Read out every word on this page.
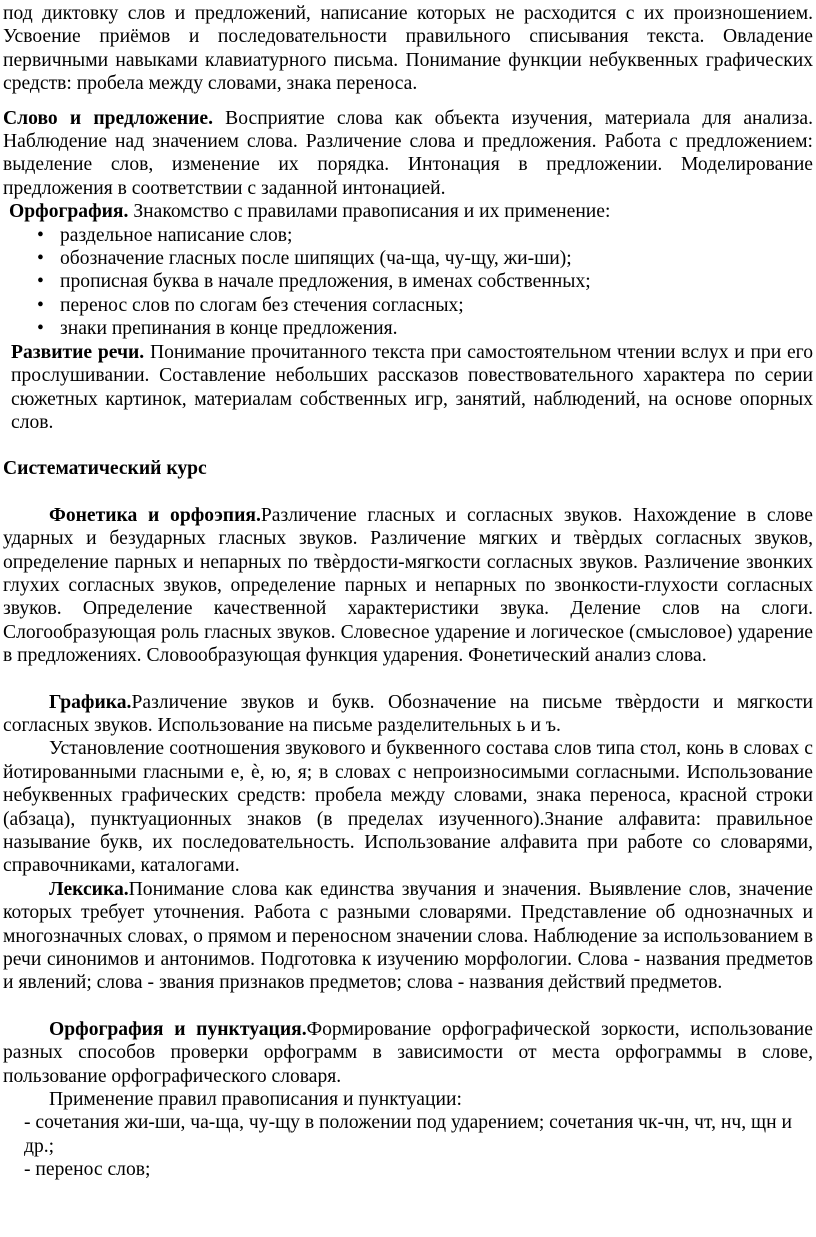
под диктовку слов и предложений, написание которых не расходится с их произношением. Усвоение приёмов и последовательности правильного списывания текста. Овладение первичными навыками клавиатурного письма. Понимание функции небуквенных графических средств: пробела между словами, знака переноса.

Слово и предложение. Восприятие слова как объекта изучения, материала для анализа. Наблюдение над значением слова. Различение слова и предложения. Работа с предложением: выделение слов, изменение их порядка. Интонация в предложении. Моделирование предложения в соответствии с заданной интонацией.

Орфография. Знакомство с правилами правописания и их применение:

• раздельное написание слов;
• обозначение гласных после шипящих (ча-ща, чу-щу, жи-ши);
• прописная буква в начале предложения, в именах собственных;
• перенос слов по слогам без стечения согласных;
• знаки препинания в конце предложения.

Развитие речи. Понимание прочитанного текста при самостоятельном чтении вслух и при его прослушивании. Составление небольших рассказов повествовательного характера по серии сюжетных картинок, материалам собственных игр, занятий, наблюдений, на основе опорных слов.

Систематический курс

Фонетика и орфоэпия.Различение гласных и согласных звуков. Нахождение в слове ударных и безударных гласных звуков. Различение мягких и твѐрдых согласных звуков, определение парных и непарных по твѐрдости-мягкости согласных звуков. Различение звонких глухих согласных звуков, определение парных и непарных по звонкости-глухости согласных звуков. Определение качественной характеристики звука. Деление слов на слоги. Слогообразующая роль гласных звуков. Словесное ударение и логическое (смысловое) ударение в предложениях. Словообразующая функция ударения. Фонетический анализ слова.

Графика.Различение звуков и букв. Обозначение на письме твѐрдости и мягкости согласных звуков. Использование на письме разделительных ь и ъ.

Установление соотношения звукового и буквенного состава слов типа стол, конь в словах с йотированными гласными е, ѐ, ю, я; в словах с непроизносимыми согласными. Использование небуквенных графических средств: пробела между словами, знака переноса, красной строки (абзаца), пунктуационных знаков (в пределах изученного).Знание алфавита: правильное называние букв, их последовательность. Использование алфавита при работе со словарями, справочниками, каталогами.

Лексика.Понимание слова как единства звучания и значения. Выявление слов, значение которых требует уточнения. Работа с разными словарями. Представление об однозначных и многозначных словах, о прямом и переносном значении слова. Наблюдение за использованием в речи синонимов и антонимов. Подготовка к изучению морфологии. Слова - названия предметов и явлений; слова - звания признаков предметов; слова - названия действий предметов.

Орфография и пунктуация.Формирование орфографической зоркости, использование разных способов проверки орфограмм в зависимости от места орфограммы в слове, пользование орфографического словаря.

Применение правил правописания и пунктуации:

- сочетания жи-ши, ча-ща, чу-щу в положении под ударением; сочетания чк-чн, чт, нч, щн и др.;

- перенос слов;
